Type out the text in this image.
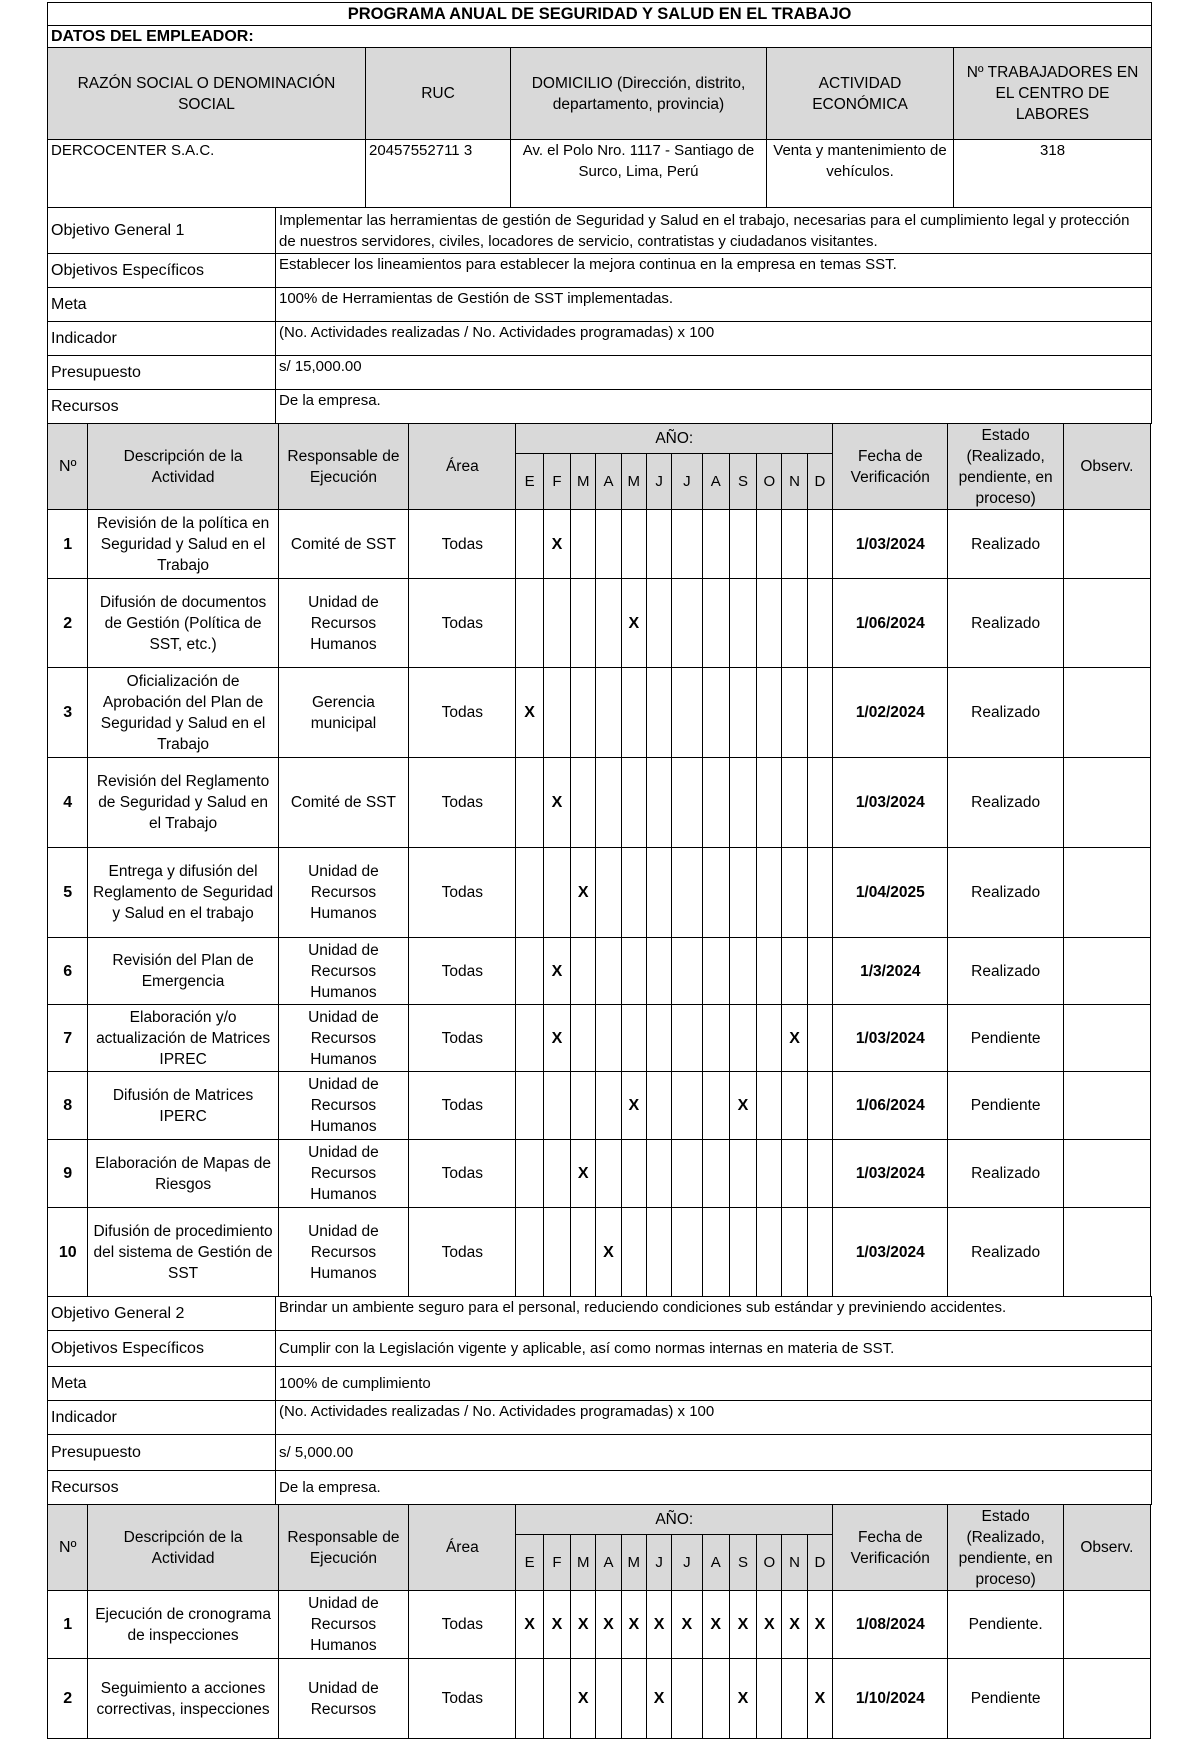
PROGRAMA ANUAL DE SEGURIDAD Y SALUD EN EL TRABAJO				
DATOS DEL EMPLEADOR:				
RAZÓN SOCIAL O DENOMINACIÓN SOCIAL	RUC	DOMICILIO (Dirección, distrito, departamento, provincia)	ACTIVIDAD ECONÓMICA	Nº TRABAJADORES EN EL CENTRO DE LABORES
DERCOCENTER S.A.C.	20457552711 3	Av. el Polo Nro. 1117 - Santiago de Surco, Lima, Perú	Venta y mantenimiento de vehículos.	318
Objetivo General 1	Implementar las herramientas de gestión de Seguridad y Salud en el trabajo, necesarias para el cumplimiento legal y protección de nuestros servidores, civiles, locadores de servicio, contratistas y ciudadanos visitantes.
Objetivos Específicos	Establecer los lineamientos para establecer la mejora continua en la empresa en temas SST.
Meta	100% de Herramientas de Gestión de SST implementadas.
Indicador	(No. Actividades realizadas / No. Actividades programadas) x 100
Presupuesto	s/ 15,000.00
Recursos	De la empresa.
Nº	Descripción de la Actividad	Responsable de Ejecución	Área	AÑO:												Fecha de Verificación	Estado (Realizado, pendiente, en proceso)	Observ.
				E	F	M	A	M	J	J	A	S	O	N	D			
1	Revisión de la política en Seguridad y Salud en el Trabajo	Comité de SST	Todas		X											1/03/2024	Realizado	
2	Difusión de documentos de Gestión (Política de SST, etc.)	Unidad de Recursos Humanos	Todas					X								1/06/2024	Realizado	
3	Oficialización de Aprobación del Plan de Seguridad y Salud en el Trabajo	Gerencia municipal	Todas	X												1/02/2024	Realizado	
4	Revisión del Reglamento de Seguridad y Salud en el Trabajo	Comité de SST	Todas		X											1/03/2024	Realizado	
5	Entrega y difusión del Reglamento de Seguridad y Salud en el trabajo	Unidad de Recursos Humanos	Todas			X										1/04/2025	Realizado	
6	Revisión del Plan de Emergencia	Unidad de Recursos Humanos	Todas		X											1/3/2024	Realizado	
7	Elaboración y/o actualización de Matrices IPREC	Unidad de Recursos Humanos	Todas		X									X		1/03/2024	Pendiente	
8	Difusión de Matrices IPERC	Unidad de Recursos Humanos	Todas					X				X				1/06/2024	Pendiente	
9	Elaboración de Mapas de Riesgos	Unidad de Recursos Humanos	Todas			X										1/03/2024	Realizado	
10	Difusión de procedimiento del sistema de Gestión de SST	Unidad de Recursos Humanos	Todas				X									1/03/2024	Realizado	
Objetivo General 2	Brindar un ambiente seguro para el personal, reduciendo condiciones sub estándar y previniendo accidentes.
Objetivos Específicos	Cumplir con la Legislación vigente y aplicable, así como normas internas en materia de SST.
Meta	100% de cumplimiento
Indicador	(No. Actividades realizadas / No. Actividades programadas) x 100
Presupuesto	s/ 5,000.00
Recursos	De la empresa.
Nº	Descripción de la Actividad	Responsable de Ejecución	Área	AÑO:												Fecha de Verificación	Estado (Realizado, pendiente, en proceso)	Observ.
				E	F	M	A	M	J	J	A	S	O	N	D			
1	Ejecución de cronograma de inspecciones	Unidad de Recursos Humanos	Todas	X	X	X	X	X	X	X	X	X	X	X	X	1/08/2024	Pendiente.	
2	Seguimiento a acciones correctivas, inspecciones	Unidad de Recursos	Todas			X			X			X			X	1/10/2024	Pendiente	
